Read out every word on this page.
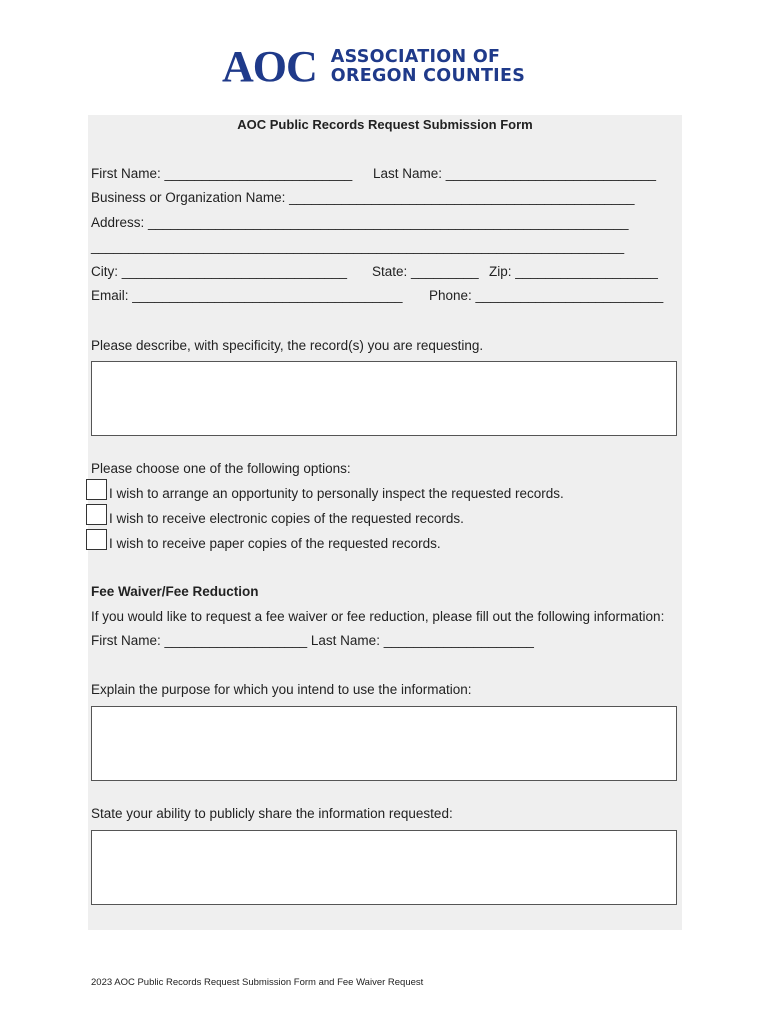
AOC ASSOCIATION OF
OREGON COUNTIES
AOC Public Records Request Submission Form
First Name: _________________________ Last Name: ____________________________
Business or Organization Name: ______________________________________________
Address: ________________________________________________________________
_______________________________________________________________________
City: ______________________________ State: _________ Zip: ___________________
Email: ____________________________________ Phone: _________________________
Please describe, with specificity, the record(s) you are requesting.
Please choose one of the following options:
I wish to arrange an opportunity to personally inspect the requested records.
I wish to receive electronic copies of the requested records.
I wish to receive paper copies of the requested records.
Fee Waiver/Fee Reduction
If you would like to request a fee waiver or fee reduction, please fill out the following information:
First Name: ___________________ Last Name: ____________________
Explain the purpose for which you intend to use the information:
State your ability to publicly share the information requested:
2023 AOC Public Records Request Submission Form and Fee Waiver Request
